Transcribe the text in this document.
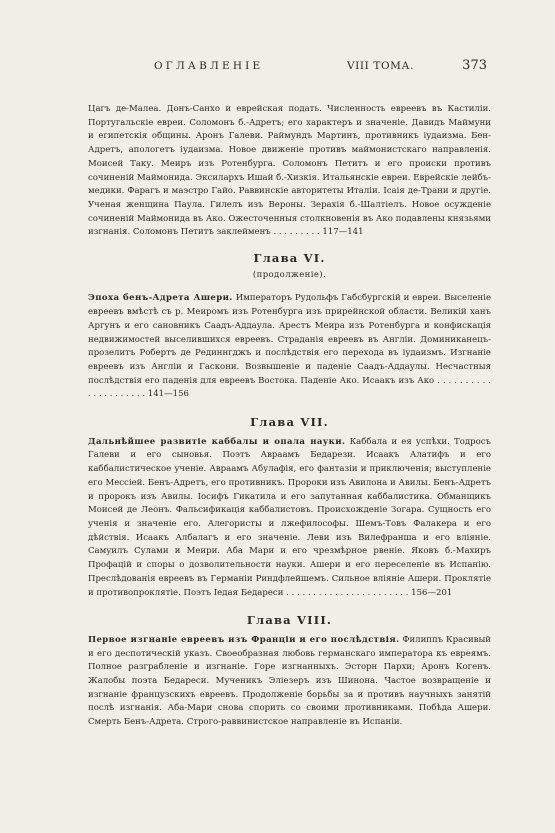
ОГЛАВЛЕНІЕ	VIII ТОМА.	373

Цагъ де-Малеа. Донъ-Санхо и еврейская подать. Численность евреевъ въ Кастиліи. Португальскіе евреи. Соломонъ б.-Адретъ; его характеръ и значеніе. Давидъ Маймуни и египетскія общины. Аронъ Галеви. Раймундъ Мартинъ, противникъ іудаизма. Бен-Адретъ, апологетъ іудаизма. Новое движеніе противъ маймонистскаго направленія. Моисей Таку. Меиръ изъ Ротенбурга. Соломонъ Петитъ и его происки противъ сочиненій Маймонида. Эксилархъ Ишай б.-Хизкія. Итальянскіе евреи. Еврейскіе лейбъ-медики. Фарагъ и маэстро Гайо. Раввинскіе авторитеты Италіи. Ісаія де-Трани и другіе. Ученая женщина Паула. Гилелъ изъ Вероны. Зерахія б.-Шалтіелъ. Новое осужденіе сочиненій Маймонида въ Ако. Ожесточенныя столкновенія въ Ако подавлены князьями изгнанія. Соломонъ Петитъ заклейменъ . . . . . . . . . 117—141

Глава VI.
(продолженіе).

Эпоха бенъ-Адрета Ашери. Императоръ Рудольфъ Габсбургскій и евреи. Выселеніе евреевъ вмѣстѣ съ р. Меиромъ изъ Ротенбурга изъ прирейнской области. Великій ханъ Аргунъ и его сановникъ Саадъ-Аддаула. Арестъ Меира изъ Ротенбурга и конфискація недвижимостей выселившихся евреевъ. Страданія евреевъ въ Англіи. Доминиканецъ-прозелитъ Робертъ де Рединнгджъ и послѣдствія его перехода въ іудаизмъ. Изгнаніе евреевъ изъ Англіи и Гаскони. Возвышеніе и паденіе Саадъ-Аддаулы. Несчастныя послѣдствія его паденія для евреевъ Востока. Паденіе Ако. Исаакъ изъ Ако . . . . . . . . . . . . . . . . . . . . . 141—156

Глава VII.

Дальнѣйшее развитіе каббалы и опала науки. Каббала и ея успѣхи. Тодросъ Галеви и его сыновья. Поэтъ Авраамъ Бедарези. Исаакъ Алатифъ и его каббалистическое ученіе. Авраамъ Абулафія, его фантазіи и приключенія; выступленіе его Мессіей. Бенъ-Адретъ, его противникъ. Пророки изъ Авилона и Авилы. Бенъ-Адретъ и пророкъ изъ Авилы. Іосифъ Гикатила и его запутанная каббалистика. Обманщикъ Моисей де Леонъ. Фальсификація каббалистовъ. Происхожденіе Зогара. Сущность его ученія и значеніе его. Алегористы и лжефилософы. Шемъ-Товъ Фалакера и его дѣйствія. Исаакъ Албалагъ и его значеніе. Леви изъ Вилефранша и его вліяніе. Самуилъ Сулами и Меири. Аба Мари и его чрезмѣрное рвеніе. Яковъ б.-Махиръ Профацій и споры о дозволительности науки. Ашери и его переселеніе въ Испанію. Преслѣдованія евреевъ въ Германіи Риндфлейшемъ. Сильное вліяніе Ашери. Проклятіе и противопроклятіе. Поэтъ Іедая Бедареси . . . . . . . . . . . . . . . . . . . . . . . 156—201

Глава VIII.

Первое изгнаніе евреевъ изъ Франціи и его послѣдствія. Филиппъ Красивый и его деспотическій указъ. Своеобразная любовь германскаго императора къ евреямъ. Полное разграбленіе и изгнаніе. Горе изгнанныхъ. Эсторн Пархи; Аронъ Когенъ. Жалобы поэта Бедареси. Мученикъ Элiезеръ изъ Шинона. Частое возвращеніе и изгнаніе французскихъ евреевъ. Продолженіе борьбы за и противъ научныхъ занятій послѣ изгнанія. Аба-Мари снова спорить со своими противниками. Побѣда Ашери. Смерть Бенъ-Адрета. Строго-раввинистское направленіе въ Испаніи.
